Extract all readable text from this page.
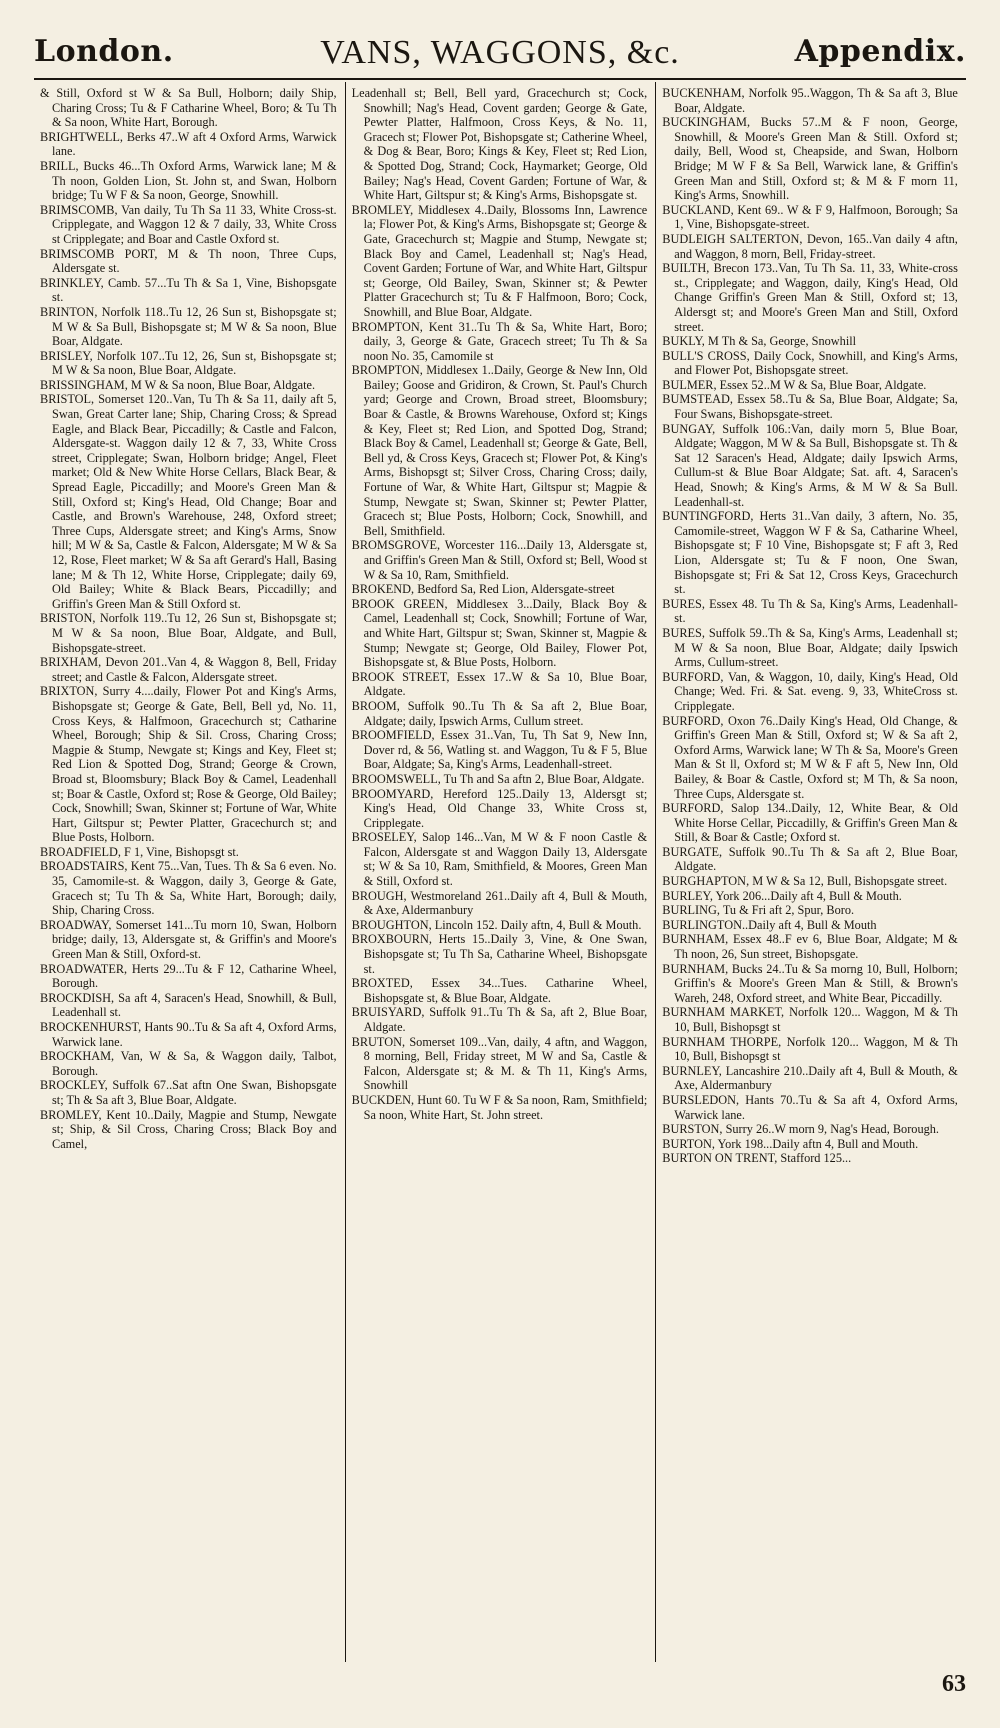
London.	VANS, WAGGONS, &c.	Appendix.

& Still, Oxford st W & Sa Bull, Holborn; daily Ship, Charing Cross; Tu & F Catharine Wheel, Boro; & Tu Th & Sa noon, White Hart, Borough.

BRIGHTWELL, Berks 47..W aft 4 Oxford Arms, Warwick lane.

BRILL, Bucks 46...Th Oxford Arms, Warwick lane; M & Th noon, Golden Lion, St. John st, and Swan, Holborn bridge; Tu W F & Sa noon, George, Snowhill.

BRIMSCOMB, Van daily, Tu Th Sa 11 33, White Cross-st. Cripplegate, and Waggon 12 & 7 daily, 33, White Cross st Cripplegate; and Boar and Castle Oxford st.

BRIMSCOMB PORT, M & Th noon, Three Cups, Aldersgate st.

BRINKLEY, Camb. 57...Tu Th & Sa 1, Vine, Bishopsgate st.

BRINTON, Norfolk 118..Tu 12, 26 Sun st, Bishopsgate st; M W & Sa Bull, Bishopsgate st; M W & Sa noon, Blue Boar, Aldgate.

BRISLEY, Norfolk 107..Tu 12, 26, Sun st, Bishopsgate st; M W & Sa noon, Blue Boar, Aldgate.

BRISSINGHAM, M W & Sa noon, Blue Boar, Aldgate.

BRISTOL, Somerset 120..Van, Tu Th & Sa 11, daily aft 5, Swan, Great Carter lane; Ship, Charing Cross; & Spread Eagle, and Black Bear, Piccadilly; & Castle and Falcon, Aldersgate-st. Waggon daily 12 & 7, 33, White Cross street, Cripplegate; Swan, Holborn bridge; Angel, Fleet market; Old & New White Horse Cellars, Black Bear, & Spread Eagle, Piccadilly; and Moore's Green Man & Still, Oxford st; King's Head, Old Change; Boar and Castle, and Brown's Warehouse, 248, Oxford street; Three Cups, Aldersgate street; and King's Arms, Snow hill; M W & Sa, Castle & Falcon, Aldersgate; M W & Sa 12, Rose, Fleet market; W & Sa aft Gerard's Hall, Basing lane; M & Th 12, White Horse, Cripplegate; daily 69, Old Bailey; White & Black Bears, Piccadilly; and Griffin's Green Man & Still Oxford st.

BRISTON, Norfolk 119..Tu 12, 26 Sun st, Bishopsgate st; M W & Sa noon, Blue Boar, Aldgate, and Bull, Bishopsgate-street.

BRIXHAM, Devon 201..Van 4, & Waggon 8, Bell, Friday street; and Castle & Falcon, Aldersgate street.

BRIXTON, Surry 4....daily, Flower Pot and King's Arms, Bishopsgate st; George & Gate, Bell, Bell yd, No. 11, Cross Keys, & Halfmoon, Gracechurch st; Catharine Wheel, Borough; Ship & Sil. Cross, Charing Cross; Magpie & Stump, Newgate st; Kings and Key, Fleet st; Red Lion & Spotted Dog, Strand; George & Crown, Broad st, Bloomsbury; Black Boy & Camel, Leadenhall st; Boar & Castle, Oxford st; Rose & George, Old Bailey; Cock, Snowhill; Swan, Skinner st; Fortune of War, White Hart, Giltspur st; Pewter Platter, Gracechurch st; and Blue Posts, Holborn.

BROADFIELD, F 1, Vine, Bishopsgt st.

BROADSTAIRS, Kent 75...Van, Tues. Th & Sa 6 even. No. 35, Camomile-st. & Waggon, daily 3, George & Gate, Gracech st; Tu Th & Sa, White Hart, Borough; daily, Ship, Charing Cross.

BROADWAY, Somerset 141...Tu morn 10, Swan, Holborn bridge; daily, 13, Aldersgate st, & Griffin's and Moore's Green Man & Still, Oxford-st.

BROADWATER, Herts 29...Tu & F 12, Catharine Wheel, Borough.

BROCKDISH, Sa aft 4, Saracen's Head, Snowhill, & Bull, Leadenhall st.

BROCKENHURST, Hants 90..Tu & Sa aft 4, Oxford Arms, Warwick lane.

BROCKHAM, Van, W & Sa, & Waggon daily, Talbot, Borough.

BROCKLEY, Suffolk 67..Sat aftn One Swan, Bishopsgate st; Th & Sa aft 3, Blue Boar, Aldgate.

BROMLEY, Kent 10..Daily, Magpie and Stump, Newgate st; Ship, & Sil Cross, Charing Cross; Black Boy and Camel,

Leadenhall st; Bell, Bell yard, Gracechurch st; Cock, Snowhill; Nag's Head, Covent garden; George & Gate, Pewter Platter, Halfmoon, Cross Keys, & No. 11, Gracech st; Flower Pot, Bishopsgate st; Catherine Wheel, & Dog & Bear, Boro; Kings & Key, Fleet st; Red Lion, & Spotted Dog, Strand; Cock, Haymarket; George, Old Bailey; Nag's Head, Covent Garden; Fortune of War, & White Hart, Giltspur st; & King's Arms, Bishopsgate st.

BROMLEY, Middlesex 4..Daily, Blossoms Inn, Lawrence la; Flower Pot, & King's Arms, Bishopsgate st; George & Gate, Gracechurch st; Magpie and Stump, Newgate st; Black Boy and Camel, Leadenhall st; Nag's Head, Covent Garden; Fortune of War, and White Hart, Giltspur st; George, Old Bailey, Swan, Skinner st; & Pewter Platter Gracechurch st; Tu & F Halfmoon, Boro; Cock, Snowhill, and Blue Boar, Aldgate.

BROMPTON, Kent 31..Tu Th & Sa, White Hart, Boro; daily, 3, George & Gate, Gracech street; Tu Th & Sa noon No. 35, Camomile st

BROMPTON, Middlesex 1..Daily, George & New Inn, Old Bailey; Goose and Gridiron, & Crown, St. Paul's Church yard; George and Crown, Broad street, Bloomsbury; Boar & Castle, & Browns Warehouse, Oxford st; Kings & Key, Fleet st; Red Lion, and Spotted Dog, Strand; Black Boy & Camel, Leadenhall st; George & Gate, Bell, Bell yd, & Cross Keys, Gracech st; Flower Pot, & King's Arms, Bishopsgt st; Silver Cross, Charing Cross; daily, Fortune of War, & White Hart, Giltspur st; Magpie & Stump, Newgate st; Swan, Skinner st; Pewter Platter, Gracech st; Blue Posts, Holborn; Cock, Snowhill, and Bell, Smithfield.

BROMSGROVE, Worcester 116...Daily 13, Aldersgate st, and Griffin's Green Man & Still, Oxford st; Bell, Wood st W & Sa 10, Ram, Smithfield.

BROKEND, Bedford Sa, Red Lion, Aldersgate-street

BROOK GREEN, Middlesex 3...Daily, Black Boy & Camel, Leadenhall st; Cock, Snowhill; Fortune of War, and White Hart, Giltspur st; Swan, Skinner st, Magpie & Stump; Newgate st; George, Old Bailey, Flower Pot, Bishopsgate st, & Blue Posts, Holborn.

BROOK STREET, Essex 17..W & Sa 10, Blue Boar, Aldgate.

BROOM, Suffolk 90..Tu Th & Sa aft 2, Blue Boar, Aldgate; daily, Ipswich Arms, Cullum street.

BROOMFIELD, Essex 31..Van, Tu, Th Sat 9, New Inn, Dover rd, & 56, Watling st. and Waggon, Tu & F 5, Blue Boar, Aldgate; Sa, King's Arms, Leadenhall-street.

BROOMSWELL, Tu Th and Sa aftn 2, Blue Boar, Aldgate.

BROOMYARD, Hereford 125..Daily 13, Aldersgt st; King's Head, Old Change 33, White Cross st, Cripplegate.

BROSELEY, Salop 146...Van, M W & F noon Castle & Falcon, Aldersgate st and Waggon Daily 13, Aldersgate st; W & Sa 10, Ram, Smithfield, & Moores, Green Man & Still, Oxford st.

BROUGH, Westmoreland 261..Daily aft 4, Bull & Mouth, & Axe, Aldermanbury

BROUGHTON, Lincoln 152. Daily aftn, 4, Bull & Mouth.

BROXBOURN, Herts 15..Daily 3, Vine, & One Swan, Bishopsgate st; Tu Th Sa, Catharine Wheel, Bishopsgate st.

BROXTED, Essex 34...Tues. Catharine Wheel, Bishopsgate st, & Blue Boar, Aldgate.

BRUISYARD, Suffolk 91..Tu Th & Sa, aft 2, Blue Boar, Aldgate.

BRUTON, Somerset 109...Van, daily, 4 aftn, and Waggon, 8 morning, Bell, Friday street, M W and Sa, Castle & Falcon, Aldersgate st; & M. & Th 11, King's Arms, Snowhill

BUCKDEN, Hunt 60. Tu W F & Sa noon, Ram, Smithfield; Sa noon, White Hart, St. John street.

BUCKENHAM, Norfolk 95..Waggon, Th & Sa aft 3, Blue Boar, Aldgate.

BUCKINGHAM, Bucks 57..M & F noon, George, Snowhill, & Moore's Green Man & Still. Oxford st; daily, Bell, Wood st, Cheapside, and Swan, Holborn Bridge; M W F & Sa Bell, Warwick lane, & Griffin's Green Man and Still, Oxford st; & M & F morn 11, King's Arms, Snowhill.

BUCKLAND, Kent 69.. W & F 9, Halfmoon, Borough; Sa 1, Vine, Bishopsgate-street.

BUDLEIGH SALTERTON, Devon, 165..Van daily 4 aftn, and Waggon, 8 morn, Bell, Friday-street.

BUILTH, Brecon 173..Van, Tu Th Sa. 11, 33, White-cross st., Cripplegate; and Waggon, daily, King's Head, Old Change Griffin's Green Man & Still, Oxford st; 13, Aldersgt st; and Moore's Green Man and Still, Oxford street.

BUKLY, M Th & Sa, George, Snowhill

BULL'S CROSS, Daily Cock, Snowhill, and King's Arms, and Flower Pot, Bishopsgate street.

BULMER, Essex 52..M W & Sa, Blue Boar, Aldgate.

BUMSTEAD, Essex 58..Tu & Sa, Blue Boar, Aldgate; Sa, Four Swans, Bishopsgate-street.

BUNGAY, Suffolk 106.:Van, daily morn 5, Blue Boar, Aldgate; Waggon, M W & Sa Bull, Bishopsgate st. Th & Sat 12 Saracen's Head, Aldgate; daily Ipswich Arms, Cullum-st & Blue Boar Aldgate; Sat. aft. 4, Saracen's Head, Snowh; & King's Arms, & M W & Sa Bull. Leadenhall-st.

BUNTINGFORD, Herts 31..Van daily, 3 aftern, No. 35, Camomile-street, Waggon W F & Sa, Catharine Wheel, Bishopsgate st; F 10 Vine, Bishopsgate st; F aft 3, Red Lion, Aldersgate st; Tu & F noon, One Swan, Bishopsgate st; Fri & Sat 12, Cross Keys, Gracechurch st.

BURES, Essex 48. Tu Th & Sa, King's Arms, Leadenhall-st.

BURES, Suffolk 59..Th & Sa, King's Arms, Leadenhall st; M W & Sa noon, Blue Boar, Aldgate; daily Ipswich Arms, Cullum-street.

BURFORD, Van, & Waggon, 10, daily, King's Head, Old Change; Wed. Fri. & Sat. eveng. 9, 33, WhiteCross st. Cripplegate.

BURFORD, Oxon 76..Daily King's Head, Old Change, & Griffin's Green Man & Still, Oxford st; W & Sa aft 2, Oxford Arms, Warwick lane; W Th & Sa, Moore's Green Man & St ll, Oxford st; M W & F aft 5, New Inn, Old Bailey, & Boar & Castle, Oxford st; M Th, & Sa noon, Three Cups, Aldersgate st.

BURFORD, Salop 134..Daily, 12, White Bear, & Old White Horse Cellar, Piccadilly, & Griffin's Green Man & Still, & Boar & Castle; Oxford st.

BURGATE, Suffolk 90..Tu Th & Sa aft 2, Blue Boar, Aldgate.

BURGHAPTON, M W & Sa 12, Bull, Bishopsgate street.

BURLEY, York 206...Daily aft 4, Bull & Mouth.

BURLING, Tu & Fri aft 2, Spur, Boro.

BURLINGTON..Daily aft 4, Bull & Mouth

BURNHAM, Essex 48..F ev 6, Blue Boar, Aldgate; M & Th noon, 26, Sun street, Bishopsgate.

BURNHAM, Bucks 24..Tu & Sa morng 10, Bull, Holborn; Griffin's & Moore's Green Man & Still, & Brown's Wareh, 248, Oxford street, and White Bear, Piccadilly.

BURNHAM MARKET, Norfolk 120... Waggon, M & Th 10, Bull, Bishopsgt st

BURNHAM THORPE, Norfolk 120... Waggon, M & Th 10, Bull, Bishopsgt st

BURNLEY, Lancashire 210..Daily aft 4, Bull & Mouth, & Axe, Aldermanbury

BURSLEDON, Hants 70..Tu & Sa aft 4, Oxford Arms, Warwick lane.

BURSTON, Surry 26..W morn 9, Nag's Head, Borough.

BURTON, York 198...Daily aftn 4, Bull and Mouth.

BURTON ON TRENT, Stafford 125...

63
